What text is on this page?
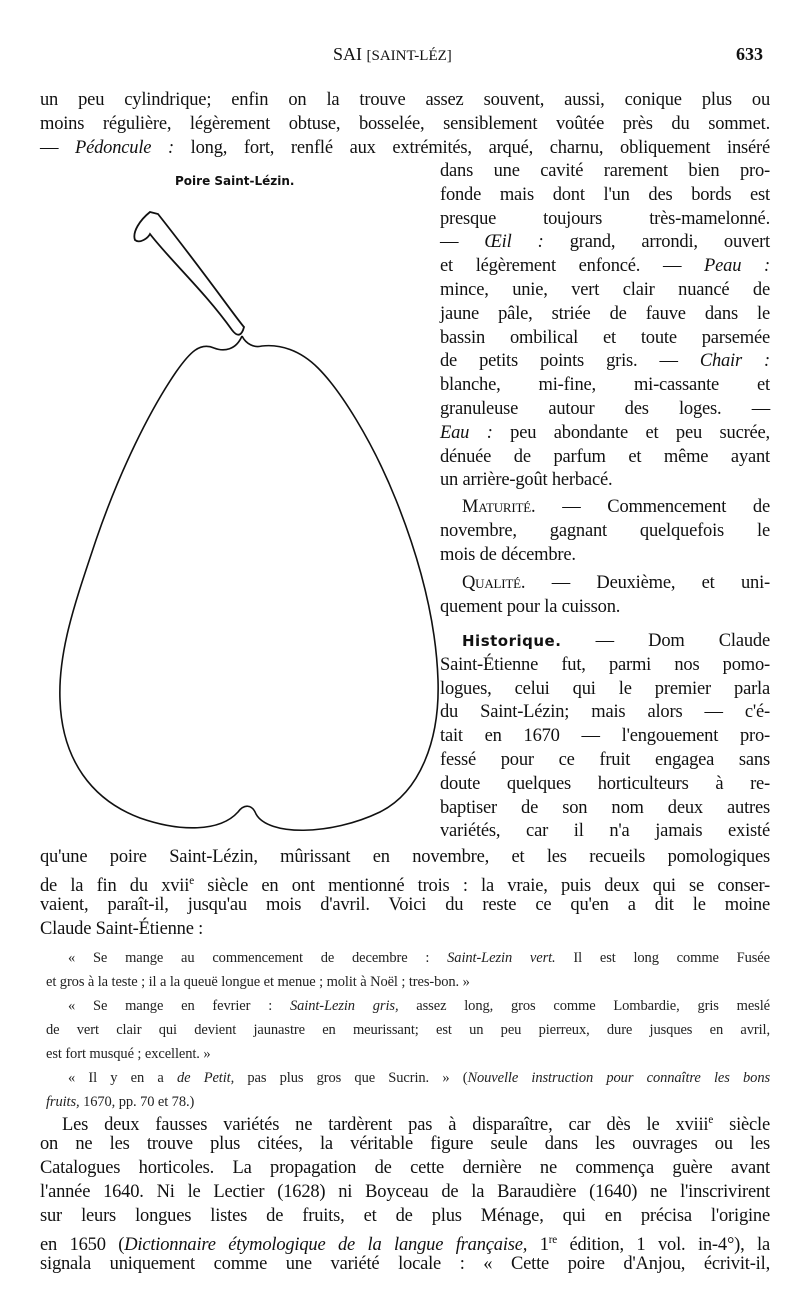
SAI [SAINT-LÉZ]	633
un peu cylindrique; enfin on la trouve assez souvent, aussi, conique plus ou
moins régulière, légèrement obtuse, bosselée, sensiblement voûtée près du sommet.
— Pédoncule : long, fort, renflé aux extrémités, arqué, charnu, obliquement inséré
Poire Saint-Lézin.	dans une cavité rarement bien pro-
fonde mais dont l'un des bords est
presque toujours très-mamelonné.
— Œil : grand, arrondi, ouvert
et légèrement enfoncé. — Peau :
mince, unie, vert clair nuancé de
jaune pâle, striée de fauve dans le
bassin ombilical et toute parsemée
de petits points gris. — Chair :
blanche, mi-fine, mi-cassante et
granuleuse autour des loges. —
Eau : peu abondante et peu sucrée,
dénuée de parfum et même ayant
un arrière-goût herbacé.
Maturité. — Commencement de
novembre, gagnant quelquefois le
mois de décembre.
Qualité. — Deuxième, et uni-
quement pour la cuisson.
Historique. — Dom Claude
Saint-Étienne fut, parmi nos pomo-
logues, celui qui le premier parla
du Saint-Lézin; mais alors — c'é-
tait en 1670 — l'engouement pro-
fessé pour ce fruit engagea sans
doute quelques horticulteurs à re-
baptiser de son nom deux autres
variétés, car il n'a jamais existé
qu'une poire Saint-Lézin, mûrissant en novembre, et les recueils pomologiques
de la fin du xvii$^e$ siècle en ont mentionné trois : la vraie, puis deux qui se conser-
vaient, paraît-il, jusqu'au mois d'avril. Voici du reste ce qu'en a dit le moine
Claude Saint-Étienne :
« Se mange au commencement de decembre : Saint-Lezin vert. Il est long comme Fusée
et gros à la teste ; il a la queuë longue et menue ; molit à Noël ; tres-bon. »
« Se mange en fevrier : Saint-Lezin gris, assez long, gros comme Lombardie, gris meslé
de vert clair qui devient jaunastre en meurissant; est un peu pierreux, dure jusques en avril,
est fort musqué ; excellent. »
« Il y en a de Petit, pas plus gros que Sucrin. » (Nouvelle instruction pour connaître les bons
fruits, 1670, pp. 70 et 78.)
Les deux fausses variétés ne tardèrent pas à disparaître, car dès le xviii$^e$ siècle
on ne les trouve plus citées, la véritable figure seule dans les ouvrages ou les
Catalogues horticoles. La propagation de cette dernière ne commença guère avant
l'année 1640. Ni le Lectier (1628) ni Boyceau de la Baraudière (1640) ne l'inscrivirent
sur leurs longues listes de fruits, et de plus Ménage, qui en précisa l'origine
en 1650 (Dictionnaire étymologique de la langue française, 1re édition, 1 vol. in-4°), la
signala uniquement comme une variété locale : « Cette poire d'Anjou, écrivit-il,
